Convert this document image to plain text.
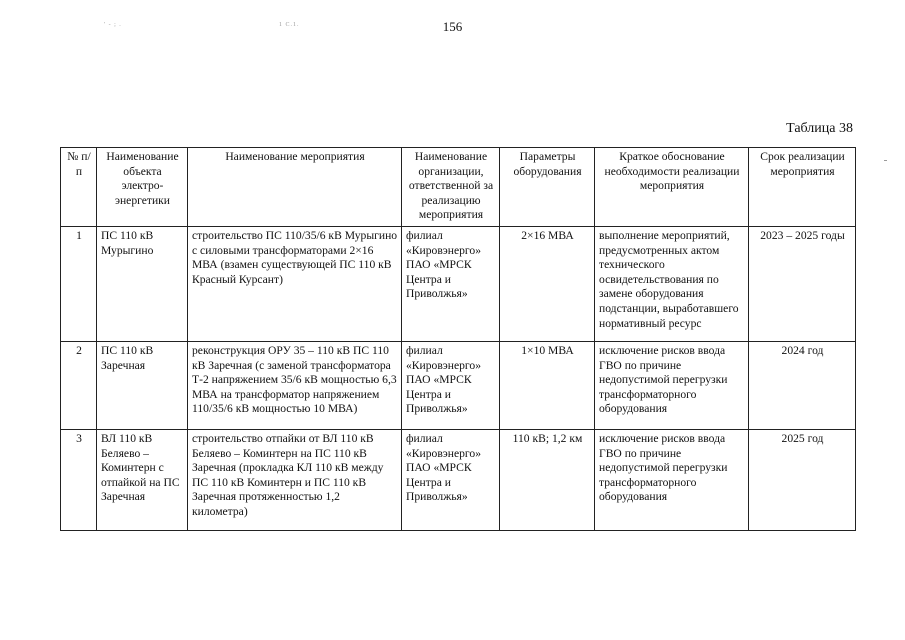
' - ; .	1 С.1.	156
Таблица 38
№ п/п	Наименование объекта электро-энергетики	Наименование мероприятия	Наименование организации, ответственной за реализацию мероприятия	Параметры оборудования	Краткое обоснование необходимости реализации мероприятия	Срок реализации мероприятия
1	ПС 110 кВ Мурыгино	строительство ПС 110/35/6 кВ Мурыгино с силовыми трансформаторами 2×16 МВА (взамен существующей ПС 110 кВ Красный Курсант)	филиал «Кировэнерго» ПАО «МРСК Центра и Приволжья»	2×16 МВА	выполнение мероприятий, предусмотренных актом технического освидетельствования по замене оборудования подстанции, выработавшего нормативный ресурс	2023 – 2025 годы
2	ПС 110 кВ Заречная	реконструкция ОРУ 35 – 110 кВ ПС 110 кВ Заречная (с заменой трансформатора Т-2 напряжением 35/6 кВ мощностью 6,3 МВА на трансформатор напряжением 110/35/6 кВ мощностью 10 МВА)	филиал «Кировэнерго» ПАО «МРСК Центра и Приволжья»	1×10 МВА	исключение рисков ввода ГВО по причине недопустимой перегрузки трансформаторного оборудования	2024 год
3	ВЛ 110 кВ Беляево – Коминтерн с отпайкой на ПС Заречная	строительство отпайки от ВЛ 110 кВ Беляево – Коминтерн на ПС 110 кВ Заречная (прокладка КЛ 110 кВ между ПС 110 кВ Коминтерн и ПС 110 кВ Заречная протяженностью 1,2 километра)	филиал «Кировэнерго» ПАО «МРСК Центра и Приволжья»	110 кВ; 1,2 км	исключение рисков ввода ГВО по причине недопустимой перегрузки трансформаторного оборудования	2025 год
